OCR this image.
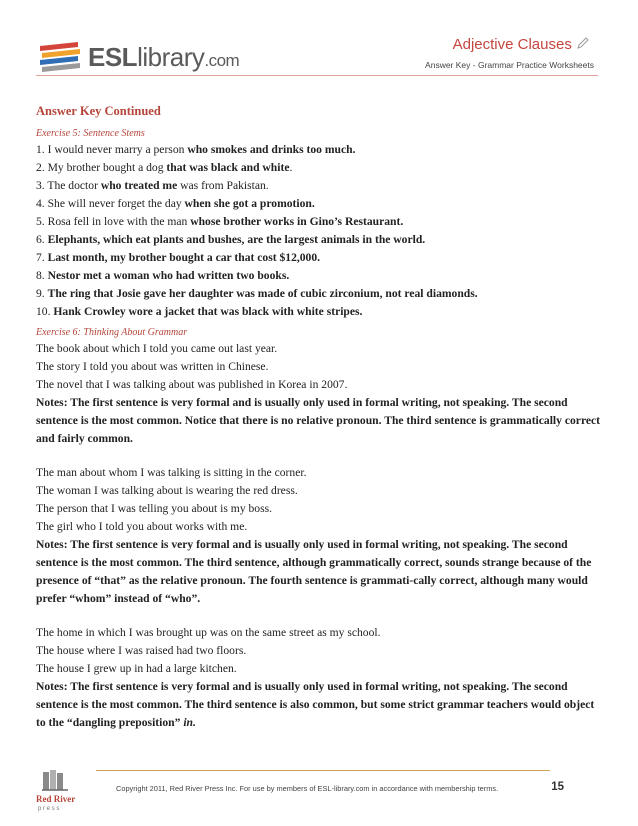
ESLlibrary.com
Adjective Clauses
Answer Key - Grammar Practice Worksheets
Answer Key Continued
Exercise 5: Sentence Stems
1. I would never marry a person who smokes and drinks too much.
2. My brother bought a dog that was black and white.
3. The doctor who treated me was from Pakistan.
4. She will never forget the day when she got a promotion.
5. Rosa fell in love with the man whose brother works in Gino’s Restaurant.
6. Elephants, which eat plants and bushes, are the largest animals in the world.
7. Last month, my brother bought a car that cost $12,000.
8. Nestor met a woman who had written two books.
9. The ring that Josie gave her daughter was made of cubic zirconium, not real diamonds.
10. Hank Crowley wore a jacket that was black with white stripes.
Exercise 6: Thinking About Grammar
The book about which I told you came out last year.
The story I told you about was written in Chinese.
The novel that I was talking about was published in Korea in 2007.
Notes: The first sentence is very formal and is usually only used in formal writing, not speaking. The second sentence is the most common. Notice that there is no relative pronoun. The third sentence is grammatically correct and fairly common.
The man about whom I was talking is sitting in the corner.
The woman I was talking about is wearing the red dress.
The person that I was telling you about is my boss.
The girl who I told you about works with me.
Notes: The first sentence is very formal and is usually only used in formal writing, not speaking. The second sentence is the most common. The third sentence, although grammatically correct, sounds strange because of the presence of “that” as the relative pronoun. The fourth sentence is grammati-cally correct, although many would prefer “whom” instead of “who”.
The home in which I was brought up was on the same street as my school.
The house where I was raised had two floors.
The house I grew up in had a large kitchen.
Notes: The first sentence is very formal and is usually only used in formal writing, not speaking. The second sentence is the most common. The third sentence is also common, but some strict grammar teachers would object to the “dangling preposition” in.
Red River
p r e s s
Copyright 2011, Red River Press Inc. For use by members of ESL-library.com in accordance with membership terms.	15
